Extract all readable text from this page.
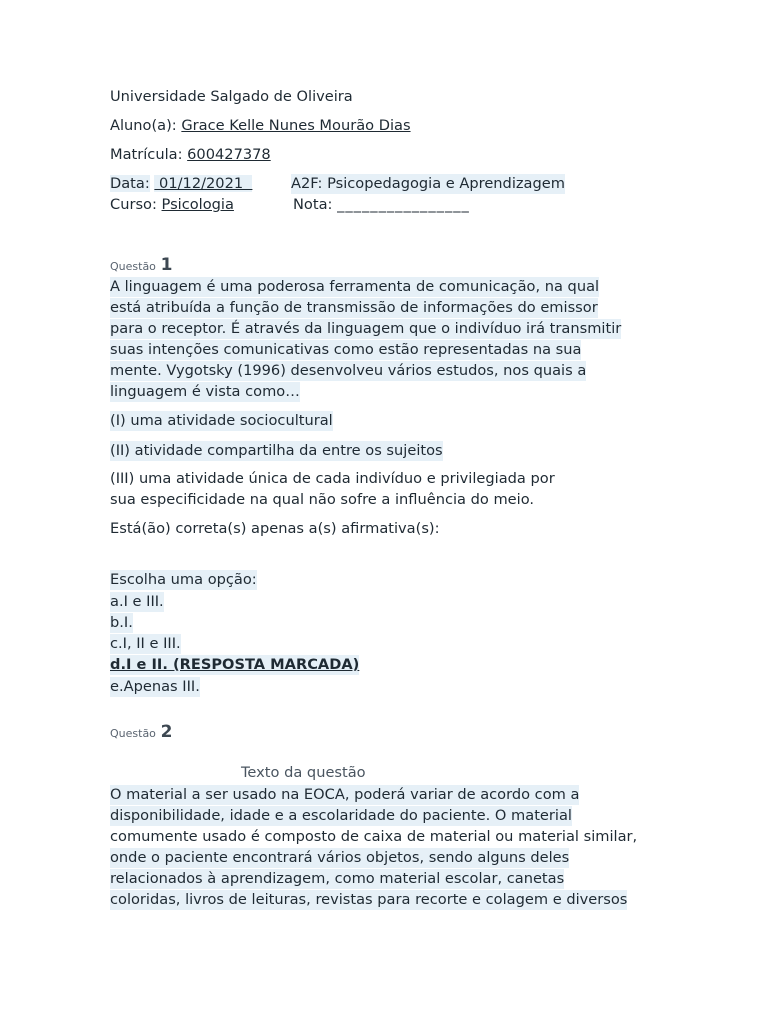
Universidade Salgado de Oliveira
Aluno(a): Grace Kelle Nunes Mourão Dias
Matrícula: 600427378
Data:  01/12/2021	A2F: Psicopedagogia e Aprendizagem
Curso: Psicologia	Nota: ________________
Questão 1
A linguagem é uma poderosa ferramenta de comunicação, na qual
está atribuída a função de transmissão de informações do emissor
para o receptor. É através da linguagem que o indivíduo irá transmitir
suas intenções comunicativas como estão representadas na sua
mente. Vygotsky (1996) desenvolveu vários estudos, nos quais a
linguagem é vista como…
(I) uma atividade sociocultural
(II) atividade compartilha da entre os sujeitos
(III) uma atividade única de cada indivíduo e privilegiada por
sua especificidade na qual não sofre a influência do meio.
Está(ão) correta(s) apenas a(s) afirmativa(s):
Escolha uma opção:
a.I e III.
b.I.
c.I, II e III.
d.I e II. (RESPOSTA MARCADA)
e.Apenas III.
Questão 2
Texto da questão
O material a ser usado na EOCA, poderá variar de acordo com a
disponibilidade, idade e a escolaridade do paciente. O material
comumente usado é composto de caixa de material ou material similar,
onde o paciente encontrará vários objetos, sendo alguns deles
relacionados à aprendizagem, como material escolar, canetas
coloridas, livros de leituras, revistas para recorte e colagem e diversos
